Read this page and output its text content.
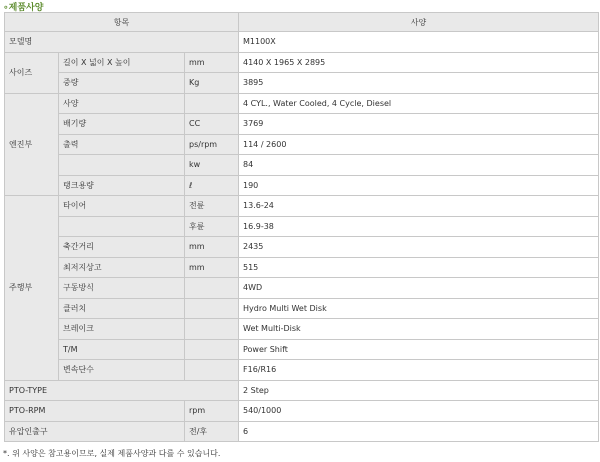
∘제품사양
항목			사양
모델명			M1100X
사이즈	길이 X 넓이 X 높이	mm	4140 X 1965 X 2895
	중량	Kg	3895
엔진부	사양		4 CYL., Water Cooled, 4 Cycle, Diesel
	배기량	CC	3769
	출력	ps/rpm	114 / 2600
		kw	84
	탱크용량	ℓ	190
주행부	타이어	전륜	13.6-24
		후륜	16.9-38
	축간거리	mm	2435
	최저지상고	mm	515
	구동방식		4WD
	클러치		Hydro Multi Wet Disk
	브레이크		Wet Multi-Disk
	T/M		Power Shift
	변속단수		F16/R16
PTO-TYPE			2 Step
PTO-RPM		rpm	540/1000
유압인출구		전/후	6
*. 위 사양은 참고용이므로, 실제 제품사양과 다를 수 있습니다.
